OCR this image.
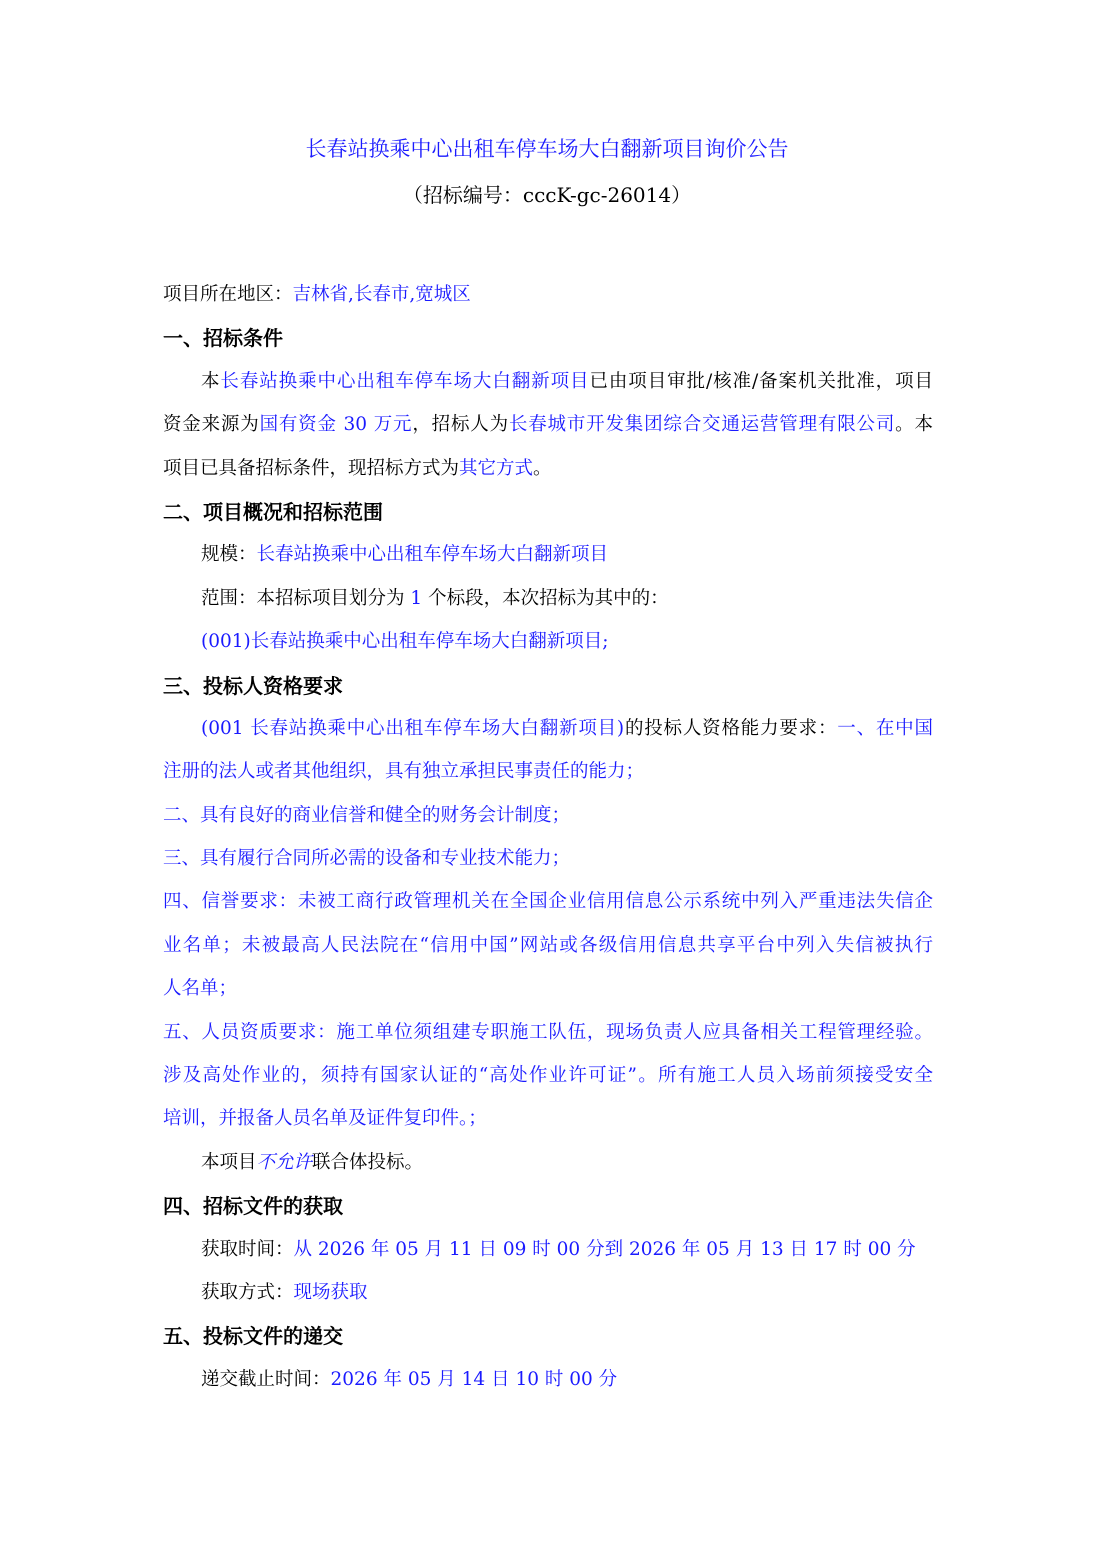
长春站换乘中心出租车停车场大白翻新项目询价公告
（招标编号：cccK-gc-26014）
项目所在地区：吉林省,长春市,宽城区
一、招标条件
本长春站换乘中心出租车停车场大白翻新项目已由项目审批/核准/备案机关批准，项目
资金来源为国有资金 30 万元，招标人为长春城市开发集团综合交通运营管理有限公司。本
项目已具备招标条件，现招标方式为其它方式。
二、项目概况和招标范围
规模：长春站换乘中心出租车停车场大白翻新项目
范围：本招标项目划分为 1 个标段，本次招标为其中的：
(001)长春站换乘中心出租车停车场大白翻新项目;
三、投标人资格要求
(001 长春站换乘中心出租车停车场大白翻新项目)的投标人资格能力要求：一、在中国
注册的法人或者其他组织，具有独立承担民事责任的能力；
二、具有良好的商业信誉和健全的财务会计制度；
三、具有履行合同所必需的设备和专业技术能力；
四、信誉要求：未被工商行政管理机关在全国企业信用信息公示系统中列入严重违法失信企
业名单；未被最高人民法院在“信用中国”网站或各级信用信息共享平台中列入失信被执行
人名单；
五、人员资质要求：施工单位须组建专职施工队伍，现场负责人应具备相关工程管理经验。
涉及高处作业的，须持有国家认证的“高处作业许可证”。所有施工人员入场前须接受安全
培训，并报备人员名单及证件复印件。；
本项目不允许联合体投标。
四、招标文件的获取
获取时间：从 2026 年 05 月 11 日 09 时 00 分到 2026 年 05 月 13 日 17 时 00 分
获取方式：现场获取
五、投标文件的递交
递交截止时间：2026 年 05 月 14 日 10 时 00 分
